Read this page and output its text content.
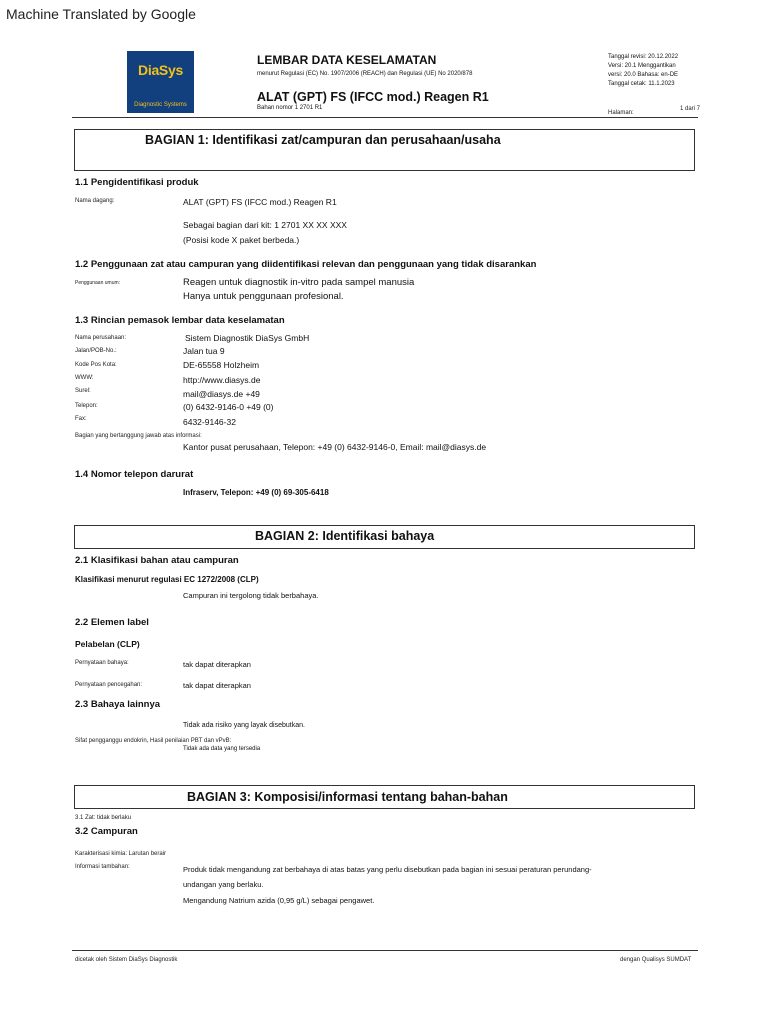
Machine Translated by Google
DiaSys
Diagnostic Systems
LEMBAR DATA KESELAMATAN
menurut Regulasi (EC) No. 1907/2006 (REACH) dan Regulasi (UE) No 2020/878
ALAT (GPT) FS (IFCC mod.) Reagen R1
Bahan nomor 1 2701 R1
Tanggal revisi: 20.12.2022
Versi: 20.1 Menggantikan
versi: 20.0 Bahasa: en-DE
Tanggal cetak: 11.1.2023
Halaman:
1 dari 7
BAGIAN 1: Identifikasi zat/campuran dan perusahaan/usaha
1.1 Pengidentifikasi produk
Nama dagang:	ALAT (GPT) FS (IFCC mod.) Reagen R1
Sebagai bagian dari kit: 1 2701 XX XX XXX
(Posisi kode X paket berbeda.)
1.2 Penggunaan zat atau campuran yang diidentifikasi relevan dan penggunaan yang tidak disarankan
Penggunaan umum:	Reagen untuk diagnostik in-vitro pada sampel manusia
Hanya untuk penggunaan profesional.
1.3 Rincian pemasok lembar data keselamatan
Nama perusahaan:	Sistem Diagnostik DiaSys GmbH
Jalan/POB-No.:	Jalan tua 9
Kode Pos Kota:	DE-65558 Holzheim
WWW:	http://www.diasys.de
Surel:	mail@diasys.de +49
Telepon:	(0) 6432-9146-0 +49 (0)
Fax:	6432-9146-32
Bagian yang bertanggung jawab atas informasi:
Kantor pusat perusahaan, Telepon: +49 (0) 6432-9146-0, Email: mail@diasys.de
1.4 Nomor telepon darurat
Infraserv, Telepon: +49 (0) 69-305-6418
BAGIAN 2: Identifikasi bahaya
2.1 Klasifikasi bahan atau campuran
Klasifikasi menurut regulasi EC 1272/2008 (CLP)
Campuran ini tergolong tidak berbahaya.
2.2 Elemen label
Pelabelan (CLP)
Pernyataan bahaya:	tak dapat diterapkan
Pernyataan pencegahan:	tak dapat diterapkan
2.3 Bahaya lainnya
Tidak ada risiko yang layak disebutkan.
Sifat pengganggu endokrin, Hasil penilaian PBT dan vPvB:
Tidak ada data yang tersedia
BAGIAN 3: Komposisi/informasi tentang bahan-bahan
3.1 Zat: tidak berlaku
3.2 Campuran
Karakterisasi kimia: Larutan berair
Informasi tambahan:	Produk tidak mengandung zat berbahaya di atas batas yang perlu disebutkan pada bagian ini sesuai peraturan perundang-
undangan yang berlaku.
Mengandung Natrium azida (0,95 g/L) sebagai pengawet.
dicetak oleh Sistem DiaSys Diagnostik	dengan Qualisys SUMDAT
